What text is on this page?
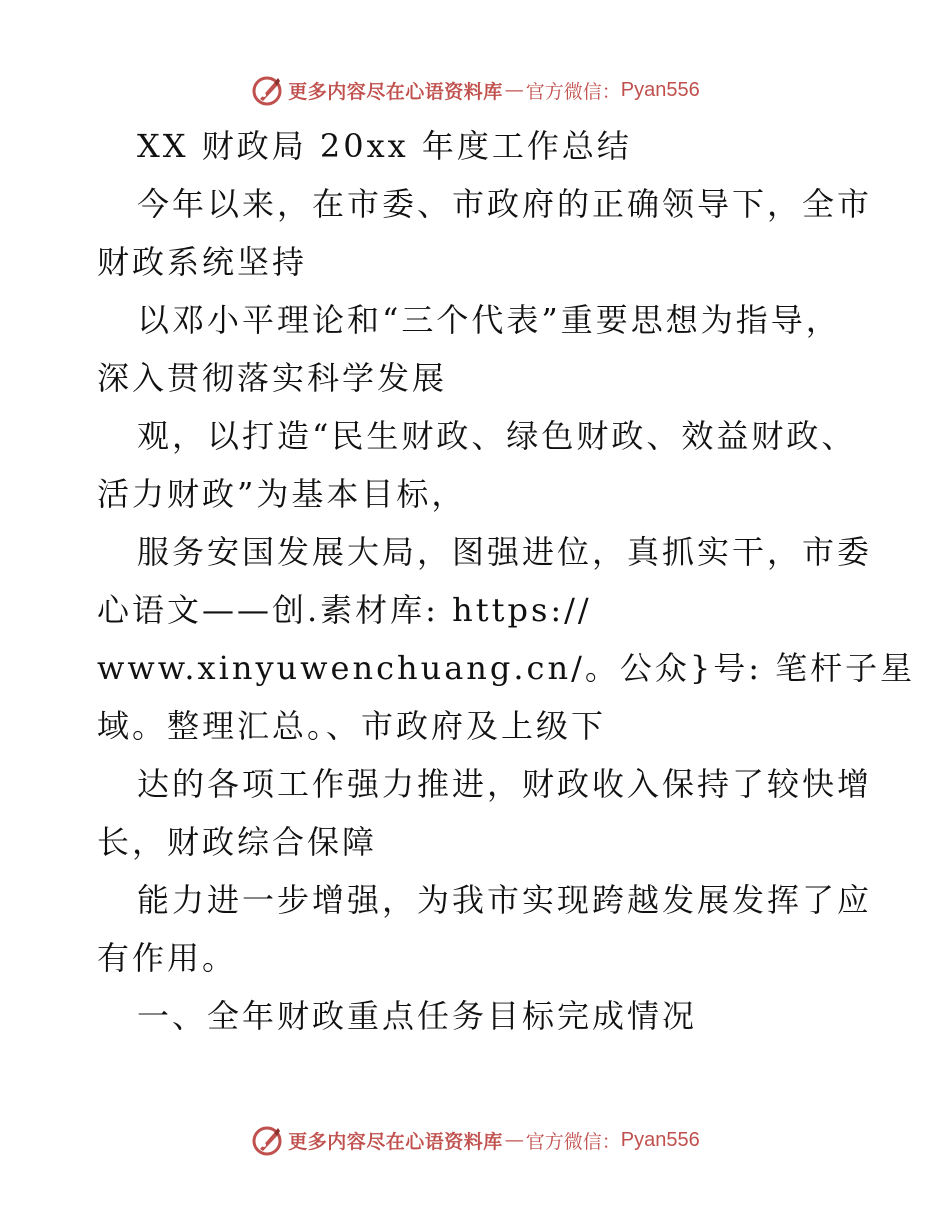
更多内容尽在心语资料库 — 官方微信： Pyan556
XX 财政局 20xx 年度工作总结
今年以来，在市委、市政府的正确领导下，全市
财政系统坚持
以邓小平理论和“三个代表”重要思想为指导，
深入贯彻落实科学发展
观，以打造“民生财政、绿色财政、效益财政、
活力财政”为基本目标，
服务安国发展大局，图强进位，真抓实干，市委
心语文——创.素材库: https://
www.xinyuwenchuang.cn/。公众}号: 笔杆子星
域。整理汇总。、市政府及上级下
达的各项工作强力推进，财政收入保持了较快增
长，财政综合保障
能力进一步增强，为我市实现跨越发展发挥了应
有作用。
一、全年财政重点任务目标完成情况
更多内容尽在心语资料库 — 官方微信： Pyan556
